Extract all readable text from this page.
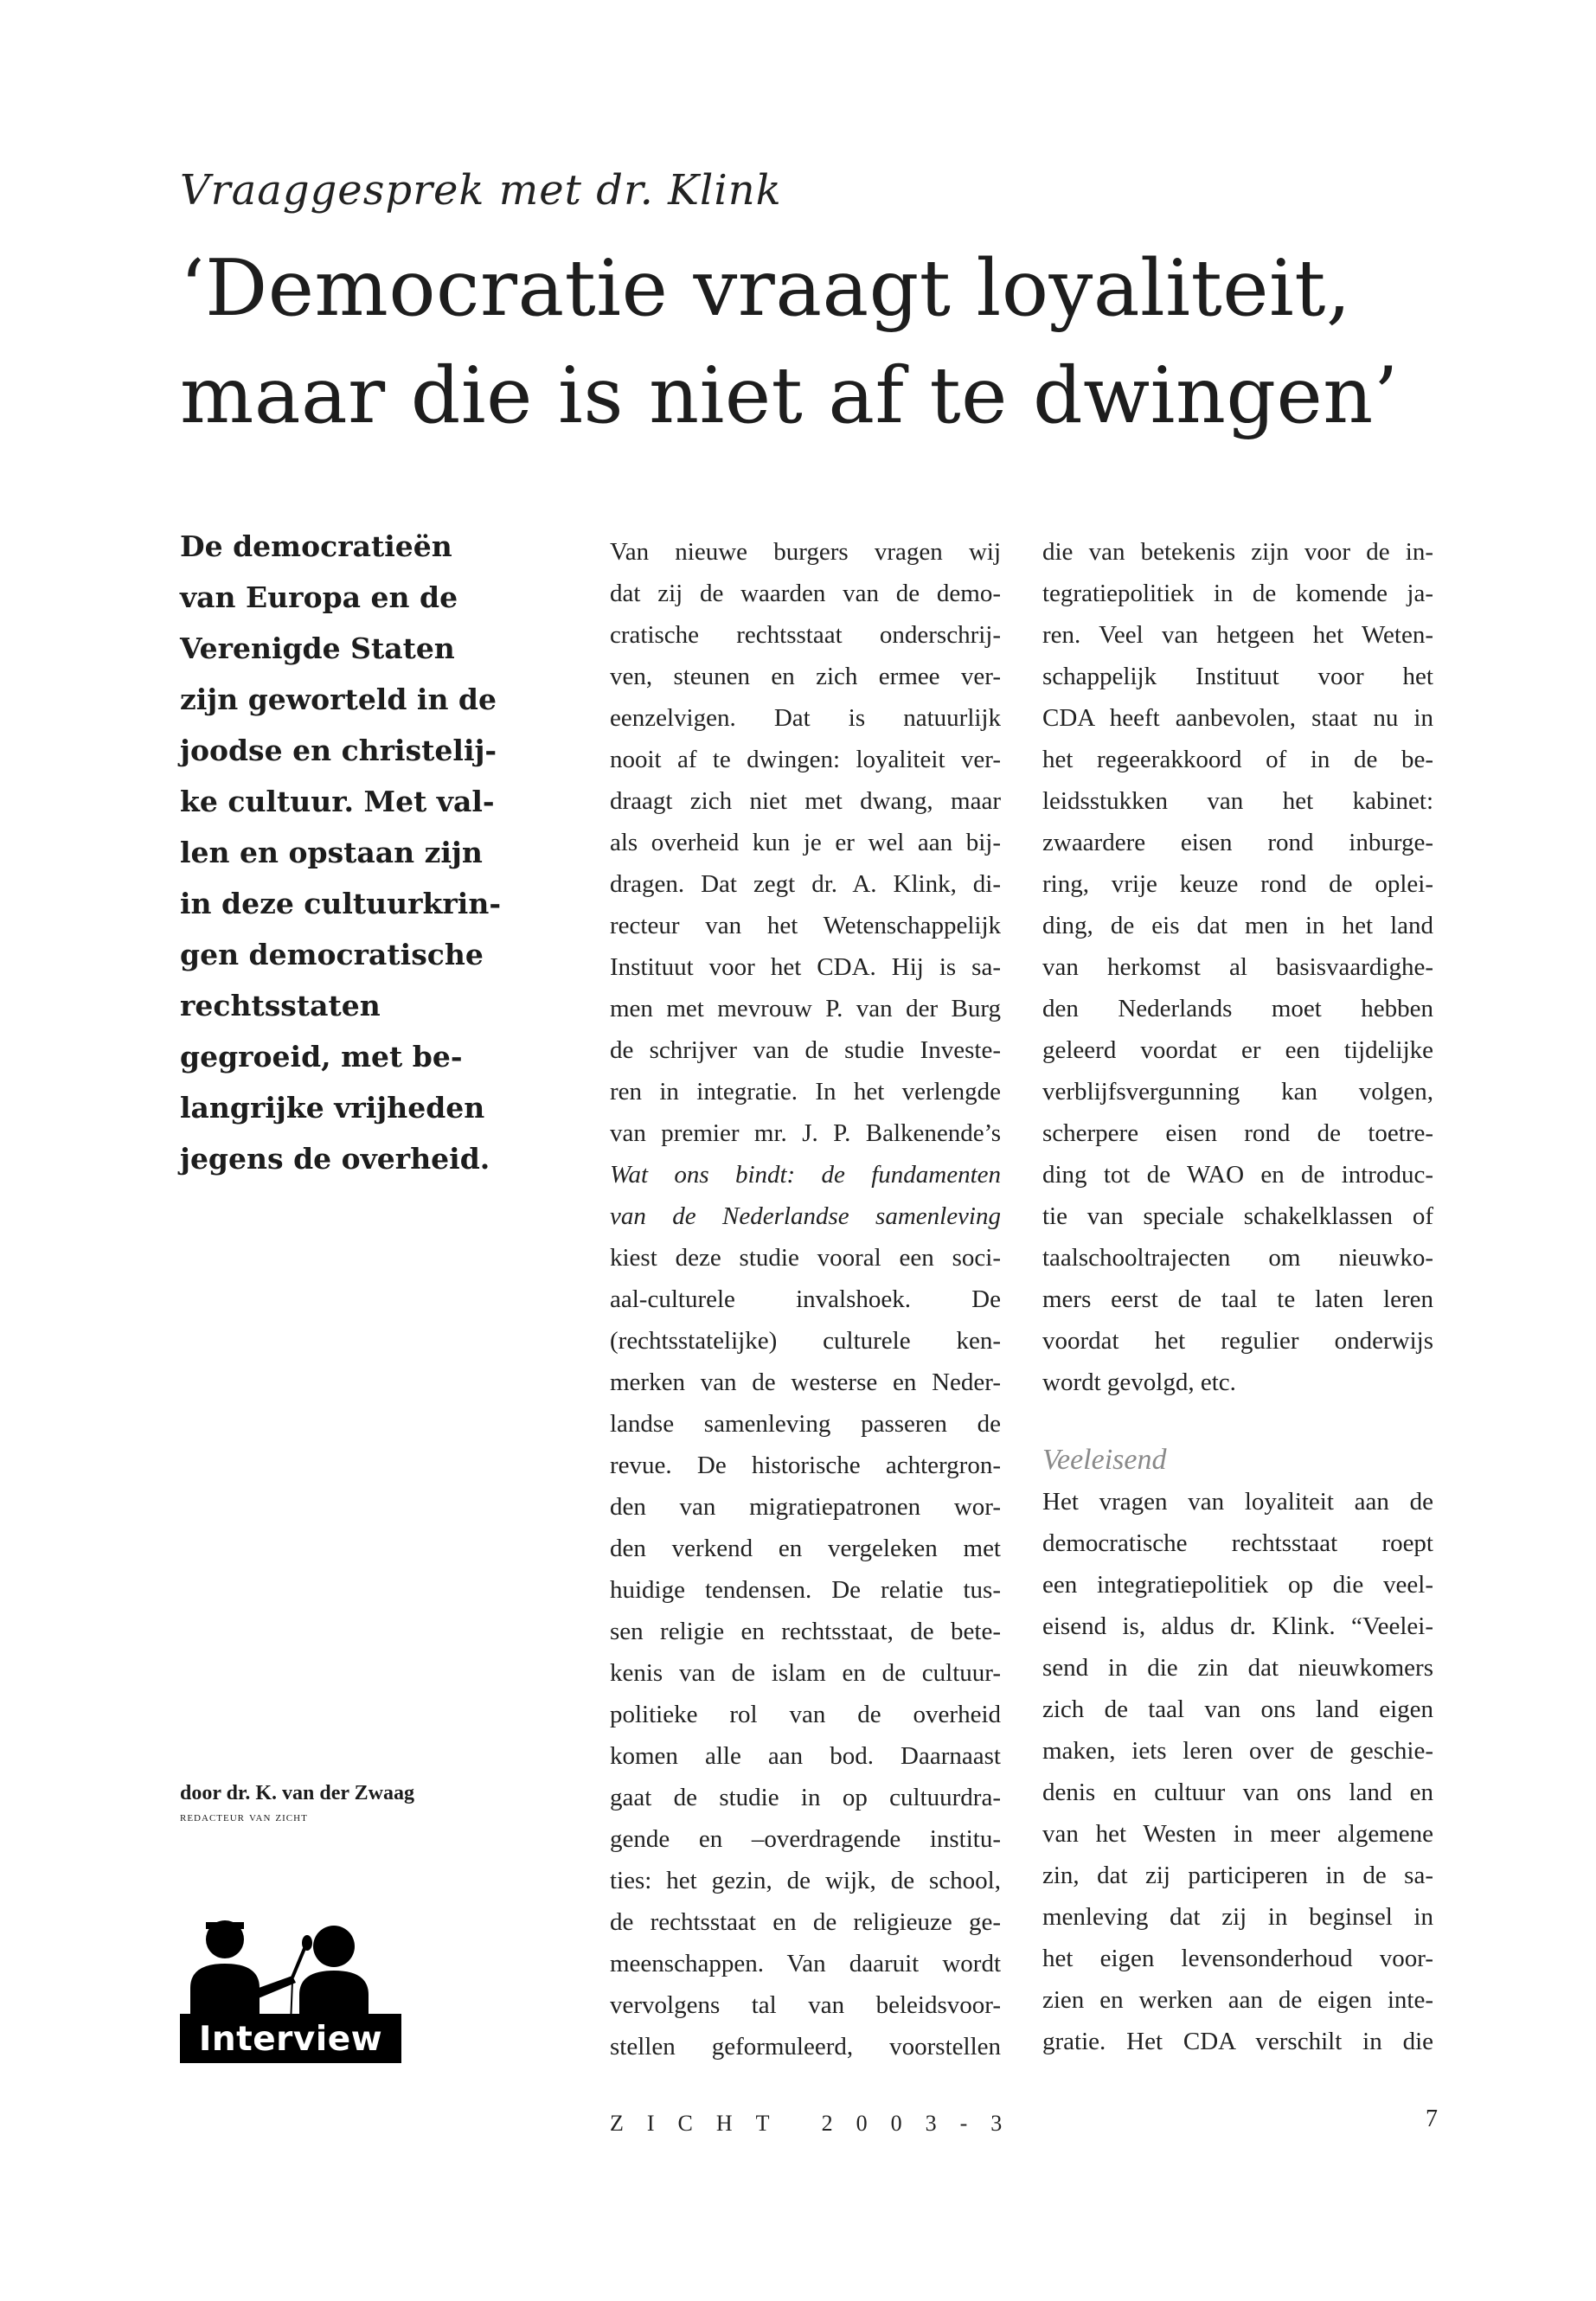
Vraaggesprek met dr. Klink
‘Democratie vraagt loyaliteit, maar die is niet af te dwingen’
De democratieën
van Europa en de
Verenigde Staten
zijn geworteld in de
joodse en christelij-
ke cultuur. Met val-
len en opstaan zijn
in deze cultuurkrin-
gen democratische
rechtsstaten
gegroeid, met be-
langrijke vrijheden
jegens de overheid.
door dr. K. van der Zwaag
redacteur van zicht
Interview
Van nieuwe burgers vragen wij
dat zij de waarden van de demo-
cratische rechtsstaat onderschrij-
ven, steunen en zich ermee ver-
eenzelvigen. Dat is natuurlijk
nooit af te dwingen: loyaliteit ver-
draagt zich niet met dwang, maar
als overheid kun je er wel aan bij-
dragen. Dat zegt dr. A. Klink, di-
recteur van het Wetenschappelijk
Instituut voor het CDA. Hij is sa-
men met mevrouw P. van der Burg
de schrijver van de studie Investe-
ren in integratie. In het verlengde
van premier mr. J. P. Balkenende’s
Wat ons bindt: de fundamenten
van de Nederlandse samenleving
kiest deze studie vooral een soci-
aal-culturele invalshoek. De
(rechtsstatelijke) culturele ken-
merken van de westerse en Neder-
landse samenleving passeren de
revue. De historische achtergron-
den van migratiepatronen wor-
den verkend en vergeleken met
huidige tendensen. De relatie tus-
sen religie en rechtsstaat, de bete-
kenis van de islam en de cultuur-
politieke rol van de overheid
komen alle aan bod. Daarnaast
gaat de studie in op cultuurdra-
gende en –overdragende institu-
ties: het gezin, de wijk, de school,
de rechtsstaat en de religieuze ge-
meenschappen. Van daaruit wordt
vervolgens tal van beleidsvoor-
stellen geformuleerd, voorstellen
die van betekenis zijn voor de in-
tegratiepolitiek in de komende ja-
ren. Veel van hetgeen het Weten-
schappelijk Instituut voor het
CDA heeft aanbevolen, staat nu in
het regeerakkoord of in de be-
leidsstukken van het kabinet:
zwaardere eisen rond inburge-
ring, vrije keuze rond de oplei-
ding, de eis dat men in het land
van herkomst al basisvaardighe-
den Nederlands moet hebben
geleerd voordat er een tijdelijke
verblijfsvergunning kan volgen,
scherpere eisen rond de toetre-
ding tot de WAO en de introduc-
tie van speciale schakelklassen of
taalschooltrajecten om nieuwko-
mers eerst de taal te laten leren
voordat het regulier onderwijs
wordt gevolgd, etc.
Veeleisend
Het vragen van loyaliteit aan de
democratische rechtsstaat roept
een integratiepolitiek op die veel-
eisend is, aldus dr. Klink. “Veelei-
send in die zin dat nieuwkomers
zich de taal van ons land eigen
maken, iets leren over de geschie-
denis en cultuur van ons land en
van het Westen in meer algemene
zin, dat zij participeren in de sa-
menleving dat zij in beginsel in
het eigen levensonderhoud voor-
zien en werken aan de eigen inte-
gratie. Het CDA verschilt in die
ZICHT 2003-3	7
